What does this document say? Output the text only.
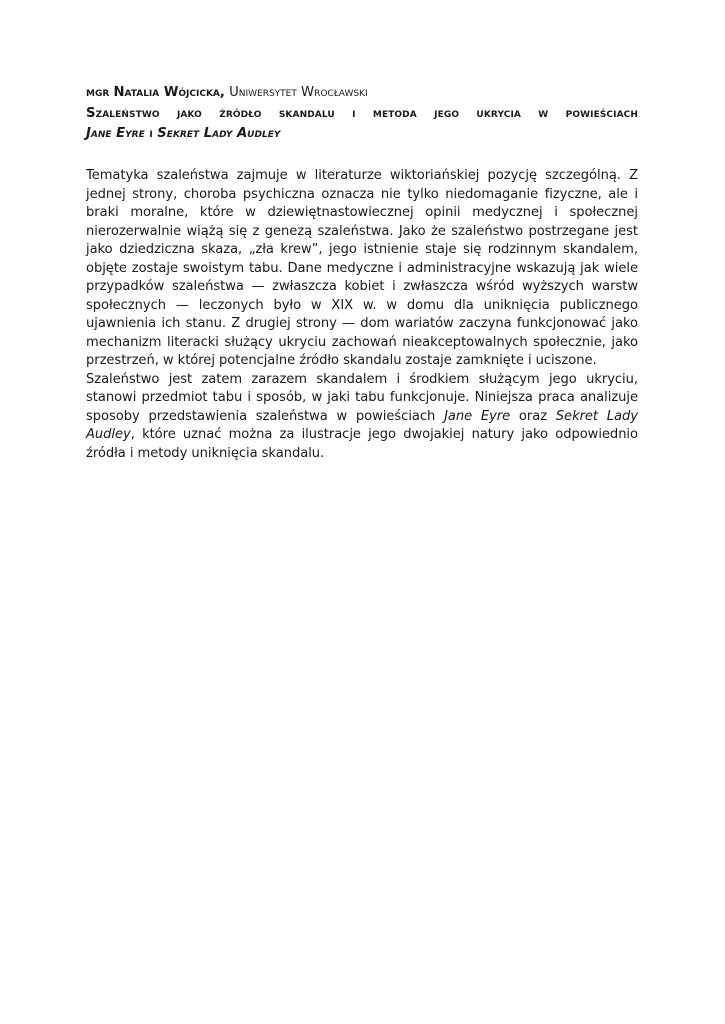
mgr Natalia Wójcicka, Uniwersytet Wrocławski
Szaleństwo jako źródło skandalu i metoda jego ukrycia w powieściach
Jane Eyre i Sekret Lady Audley

Tematyka szaleństwa zajmuje w literaturze wiktoriańskiej pozycję szczególną. Z jednej strony, choroba psychiczna oznacza nie tylko niedomaganie fizyczne, ale i braki moralne, które w dziewiętnastowiecznej opinii medycznej i społecznej nierozerwalnie wiążą się z genezą szaleństwa. Jako że szaleństwo postrzegane jest jako dziedziczna skaza, „zła krew”, jego istnienie staje się rodzinnym skandalem, objęte zostaje swoistym tabu. Dane medyczne i administracyjne wskazują jak wiele przypadków szaleństwa — zwłaszcza kobiet i zwłaszcza wśród wyższych warstw społecznych — leczonych było w XIX w. w domu dla uniknięcia publicznego ujawnienia ich stanu. Z drugiej strony — dom wariatów zaczyna funkcjonować jako mechanizm literacki służący ukryciu zachowań nieakceptowalnych społecznie, jako przestrzeń, w której potencjalne źródło skandalu zostaje zamknięte i uciszone.

Szaleństwo jest zatem zarazem skandalem i środkiem służącym jego ukryciu, stanowi przedmiot tabu i sposób, w jaki tabu funkcjonuje. Niniejsza praca analizuje sposoby przedstawienia szaleństwa w powieściach Jane Eyre oraz Sekret Lady Audley, które uznać można za ilustracje jego dwojakiej natury jako odpowiednio źródła i metody uniknięcia skandalu.
